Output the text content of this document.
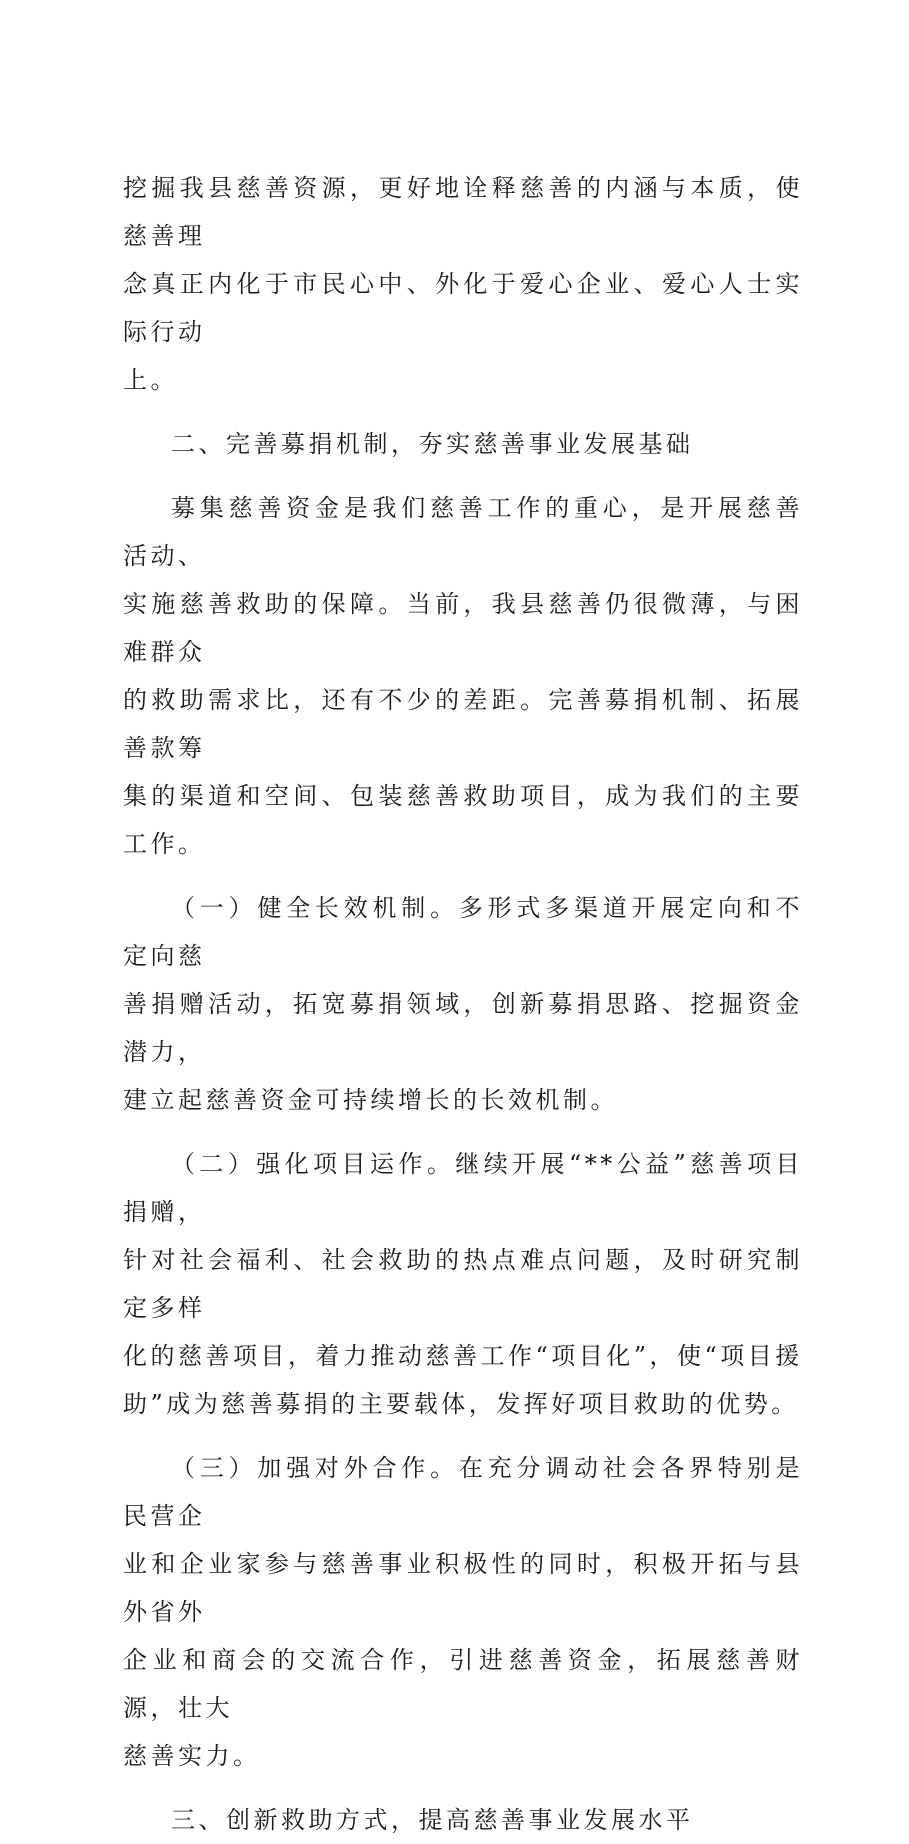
挖掘我县慈善资源，更好地诠释慈善的内涵与本质，使慈善理
念真正内化于市民心中、外化于爱心企业、爱心人士实际行动
上。
二、完善募捐机制，夯实慈善事业发展基础
募集慈善资金是我们慈善工作的重心，是开展慈善活动、
实施慈善救助的保障。当前，我县慈善仍很微薄，与困难群众
的救助需求比，还有不少的差距。完善募捐机制、拓展善款筹
集的渠道和空间、包装慈善救助项目，成为我们的主要工作。
（一）健全长效机制。多形式多渠道开展定向和不定向慈
善捐赠活动，拓宽募捐领域，创新募捐思路、挖掘资金潜力，
建立起慈善资金可持续增长的长效机制。
（二）强化项目运作。继续开展“**公益”慈善项目捐赠，
针对社会福利、社会救助的热点难点问题，及时研究制定多样
化的慈善项目，着力推动慈善工作“项目化”，使“项目援
助”成为慈善募捐的主要载体，发挥好项目救助的优势。
（三）加强对外合作。在充分调动社会各界特别是民营企
业和企业家参与慈善事业积极性的同时，积极开拓与县外省外
企业和商会的交流合作，引进慈善资金，拓展慈善财源，壮大
慈善实力。
三、创新救助方式，提高慈善事业发展水平
